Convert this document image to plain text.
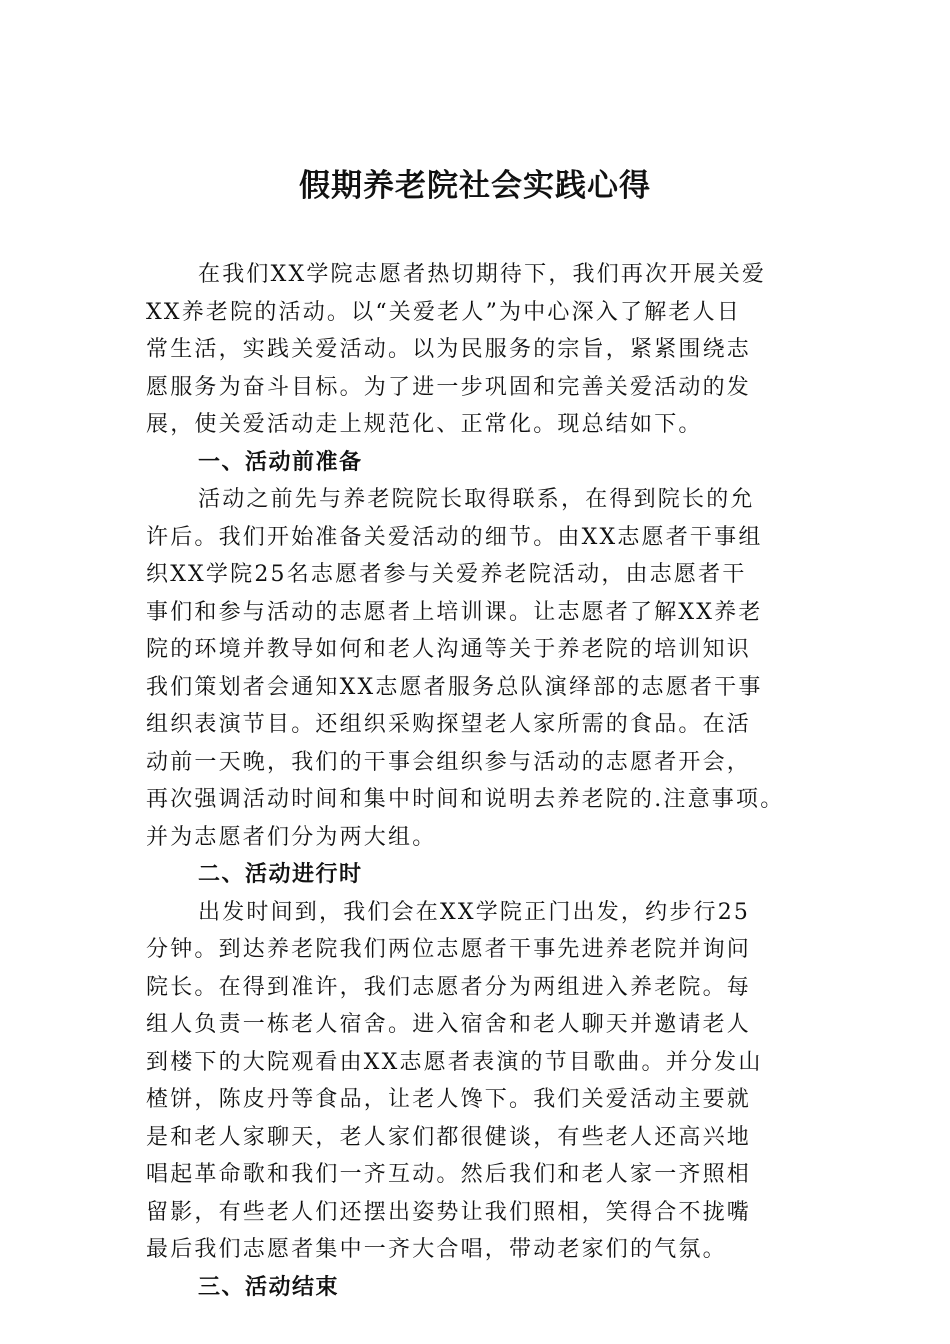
假期养老院社会实践心得

在我们XX学院志愿者热切期待下，我们再次开展关爱

XX养老院的活动。以“关爱老人”为中心深入了解老人日

常生活，实践关爱活动。以为民服务的宗旨，紧紧围绕志

愿服务为奋斗目标。为了进一步巩固和完善关爱活动的发

展，使关爱活动走上规范化、正常化。现总结如下。

一、活动前准备

活动之前先与养老院院长取得联系，在得到院长的允

许后。我们开始准备关爱活动的细节。由XX志愿者干事组

织XX学院25名志愿者参与关爱养老院活动，由志愿者干

事们和参与活动的志愿者上培训课。让志愿者了解XX养老

院的环境并教导如何和老人沟通等关于养老院的培训知识

我们策划者会通知XX志愿者服务总队演绎部的志愿者干事

组织表演节目。还组织采购探望老人家所需的食品。在活

动前一天晚，我们的干事会组织参与活动的志愿者开会，

再次强调活动时间和集中时间和说明去养老院的.注意事项。

并为志愿者们分为两大组。

二、活动进行时

出发时间到，我们会在XX学院正门出发，约步行25

分钟。到达养老院我们两位志愿者干事先进养老院并询问

院长。在得到准许，我们志愿者分为两组进入养老院。每

组人负责一栋老人宿舍。进入宿舍和老人聊天并邀请老人

到楼下的大院观看由XX志愿者表演的节目歌曲。并分发山

楂饼，陈皮丹等食品，让老人馋下。我们关爱活动主要就

是和老人家聊天，老人家们都很健谈，有些老人还高兴地

唱起革命歌和我们一齐互动。然后我们和老人家一齐照相

留影，有些老人们还摆出姿势让我们照相，笑得合不拢嘴

最后我们志愿者集中一齐大合唱，带动老家们的气氛。

三、活动结束
